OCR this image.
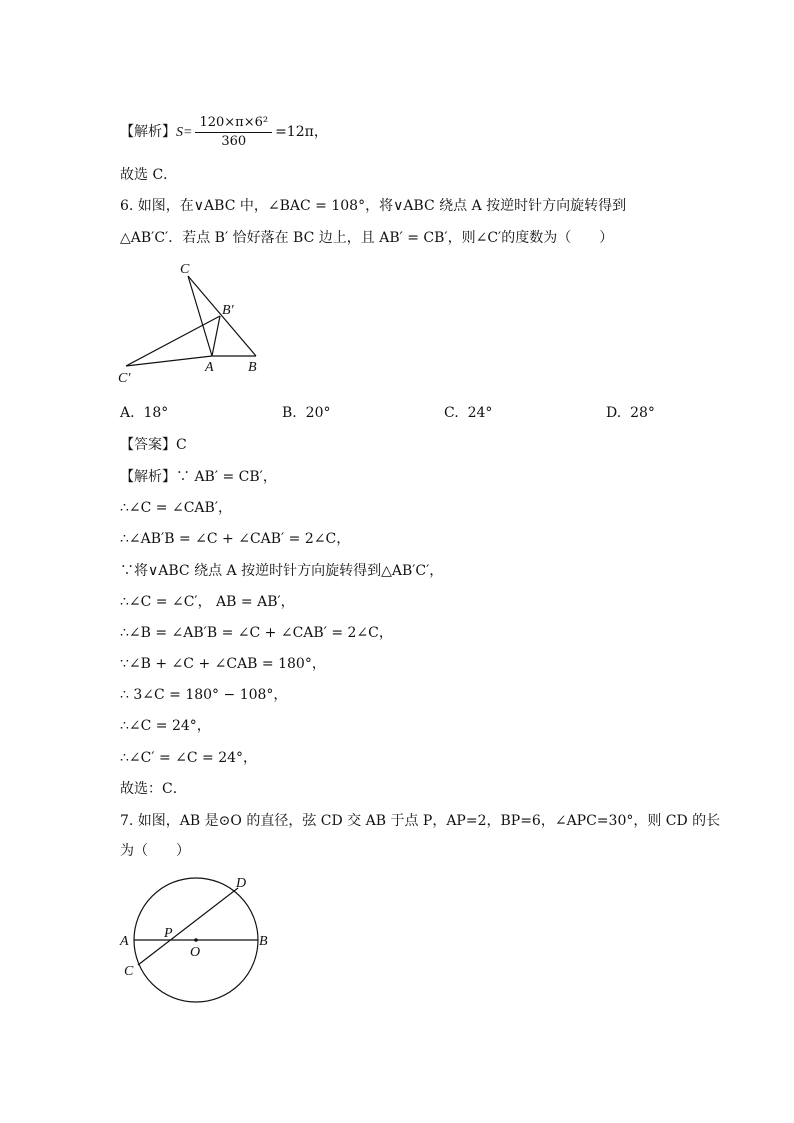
【解析】$S= \frac{\text{120×π×6²}}{360} =12\pi$，
故选 C．
6. 如图，在∨ABC 中，∠BAC = 108°，将∨ABC 绕点 A 按逆时针方向旋转得到
△AB′C′．若点 B′ 恰好落在 BC 边上，且 AB′ = CB′，则∠C′的度数为（　　）
C
B′
C′
A B
A. 18°	B. 20°	C. 24°	D. 28°
【答案】C
【解析】∵ AB′ = CB′，
∴∠C = ∠CAB′，
∴∠AB′B = ∠C + ∠CAB′ = 2∠C，
∵将∨ABC 绕点 A 按逆时针方向旋转得到△AB′C′，
∴∠C = ∠C′， AB = AB′，
∴∠B = ∠AB′B = ∠C + ∠CAB′ = 2∠C，
∵∠B + ∠C + ∠CAB = 180°，
∴ 3∠C = 180° − 108°，
∴∠C = 24°，
∴∠C′ = ∠C = 24°，
故选：C．
7. 如图，AB 是⊙O 的直径，弦 CD 交 AB 于点 P，AP=2，BP=6，∠APC=30°，则 CD 的长
为（　　）
A	B
D
C
P
O
